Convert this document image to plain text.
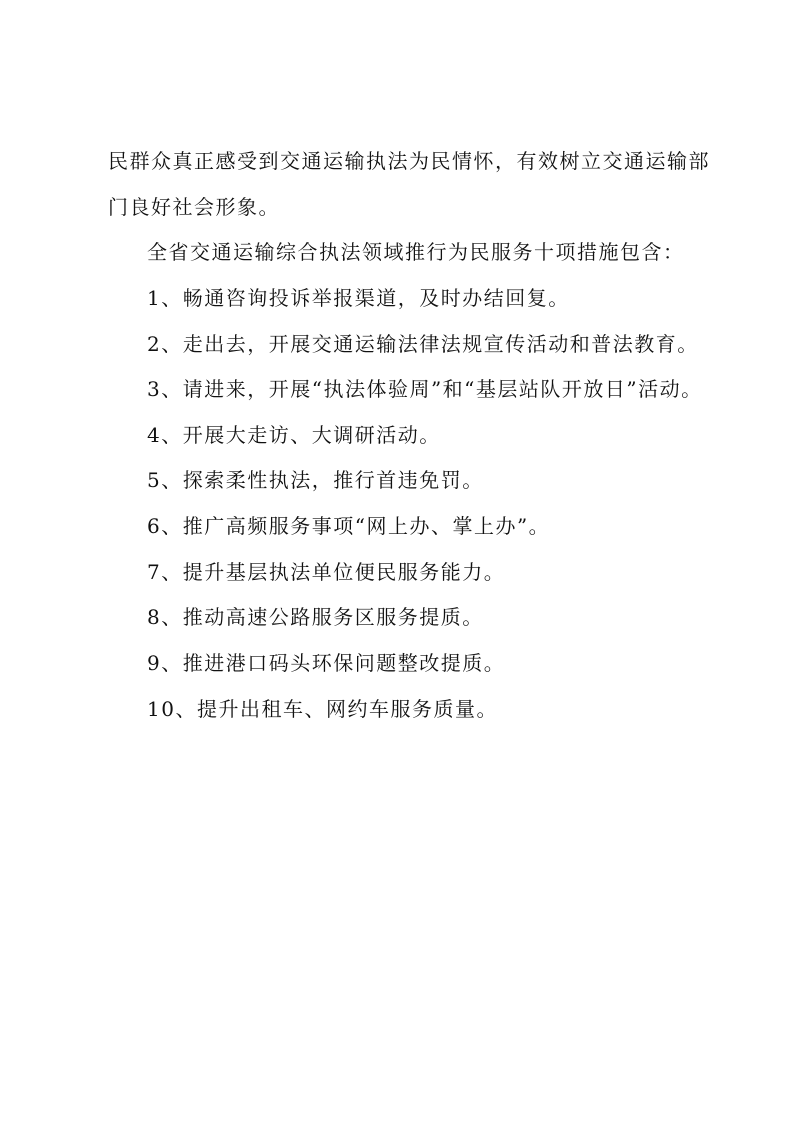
民群众真正感受到交通运输执法为民情怀，有效树立交通运输部
门良好社会形象。
全省交通运输综合执法领域推行为民服务十项措施包含：
1、畅通咨询投诉举报渠道，及时办结回复。
2、走出去，开展交通运输法律法规宣传活动和普法教育。
3、请进来，开展“执法体验周”和“基层站队开放日”活动。
4、开展大走访、大调研活动。
5、探索柔性执法，推行首违免罚。
6、推广高频服务事项“网上办、掌上办”。
7、提升基层执法单位便民服务能力。
8、推动高速公路服务区服务提质。
9、推进港口码头环保问题整改提质。
10、提升出租车、网约车服务质量。
